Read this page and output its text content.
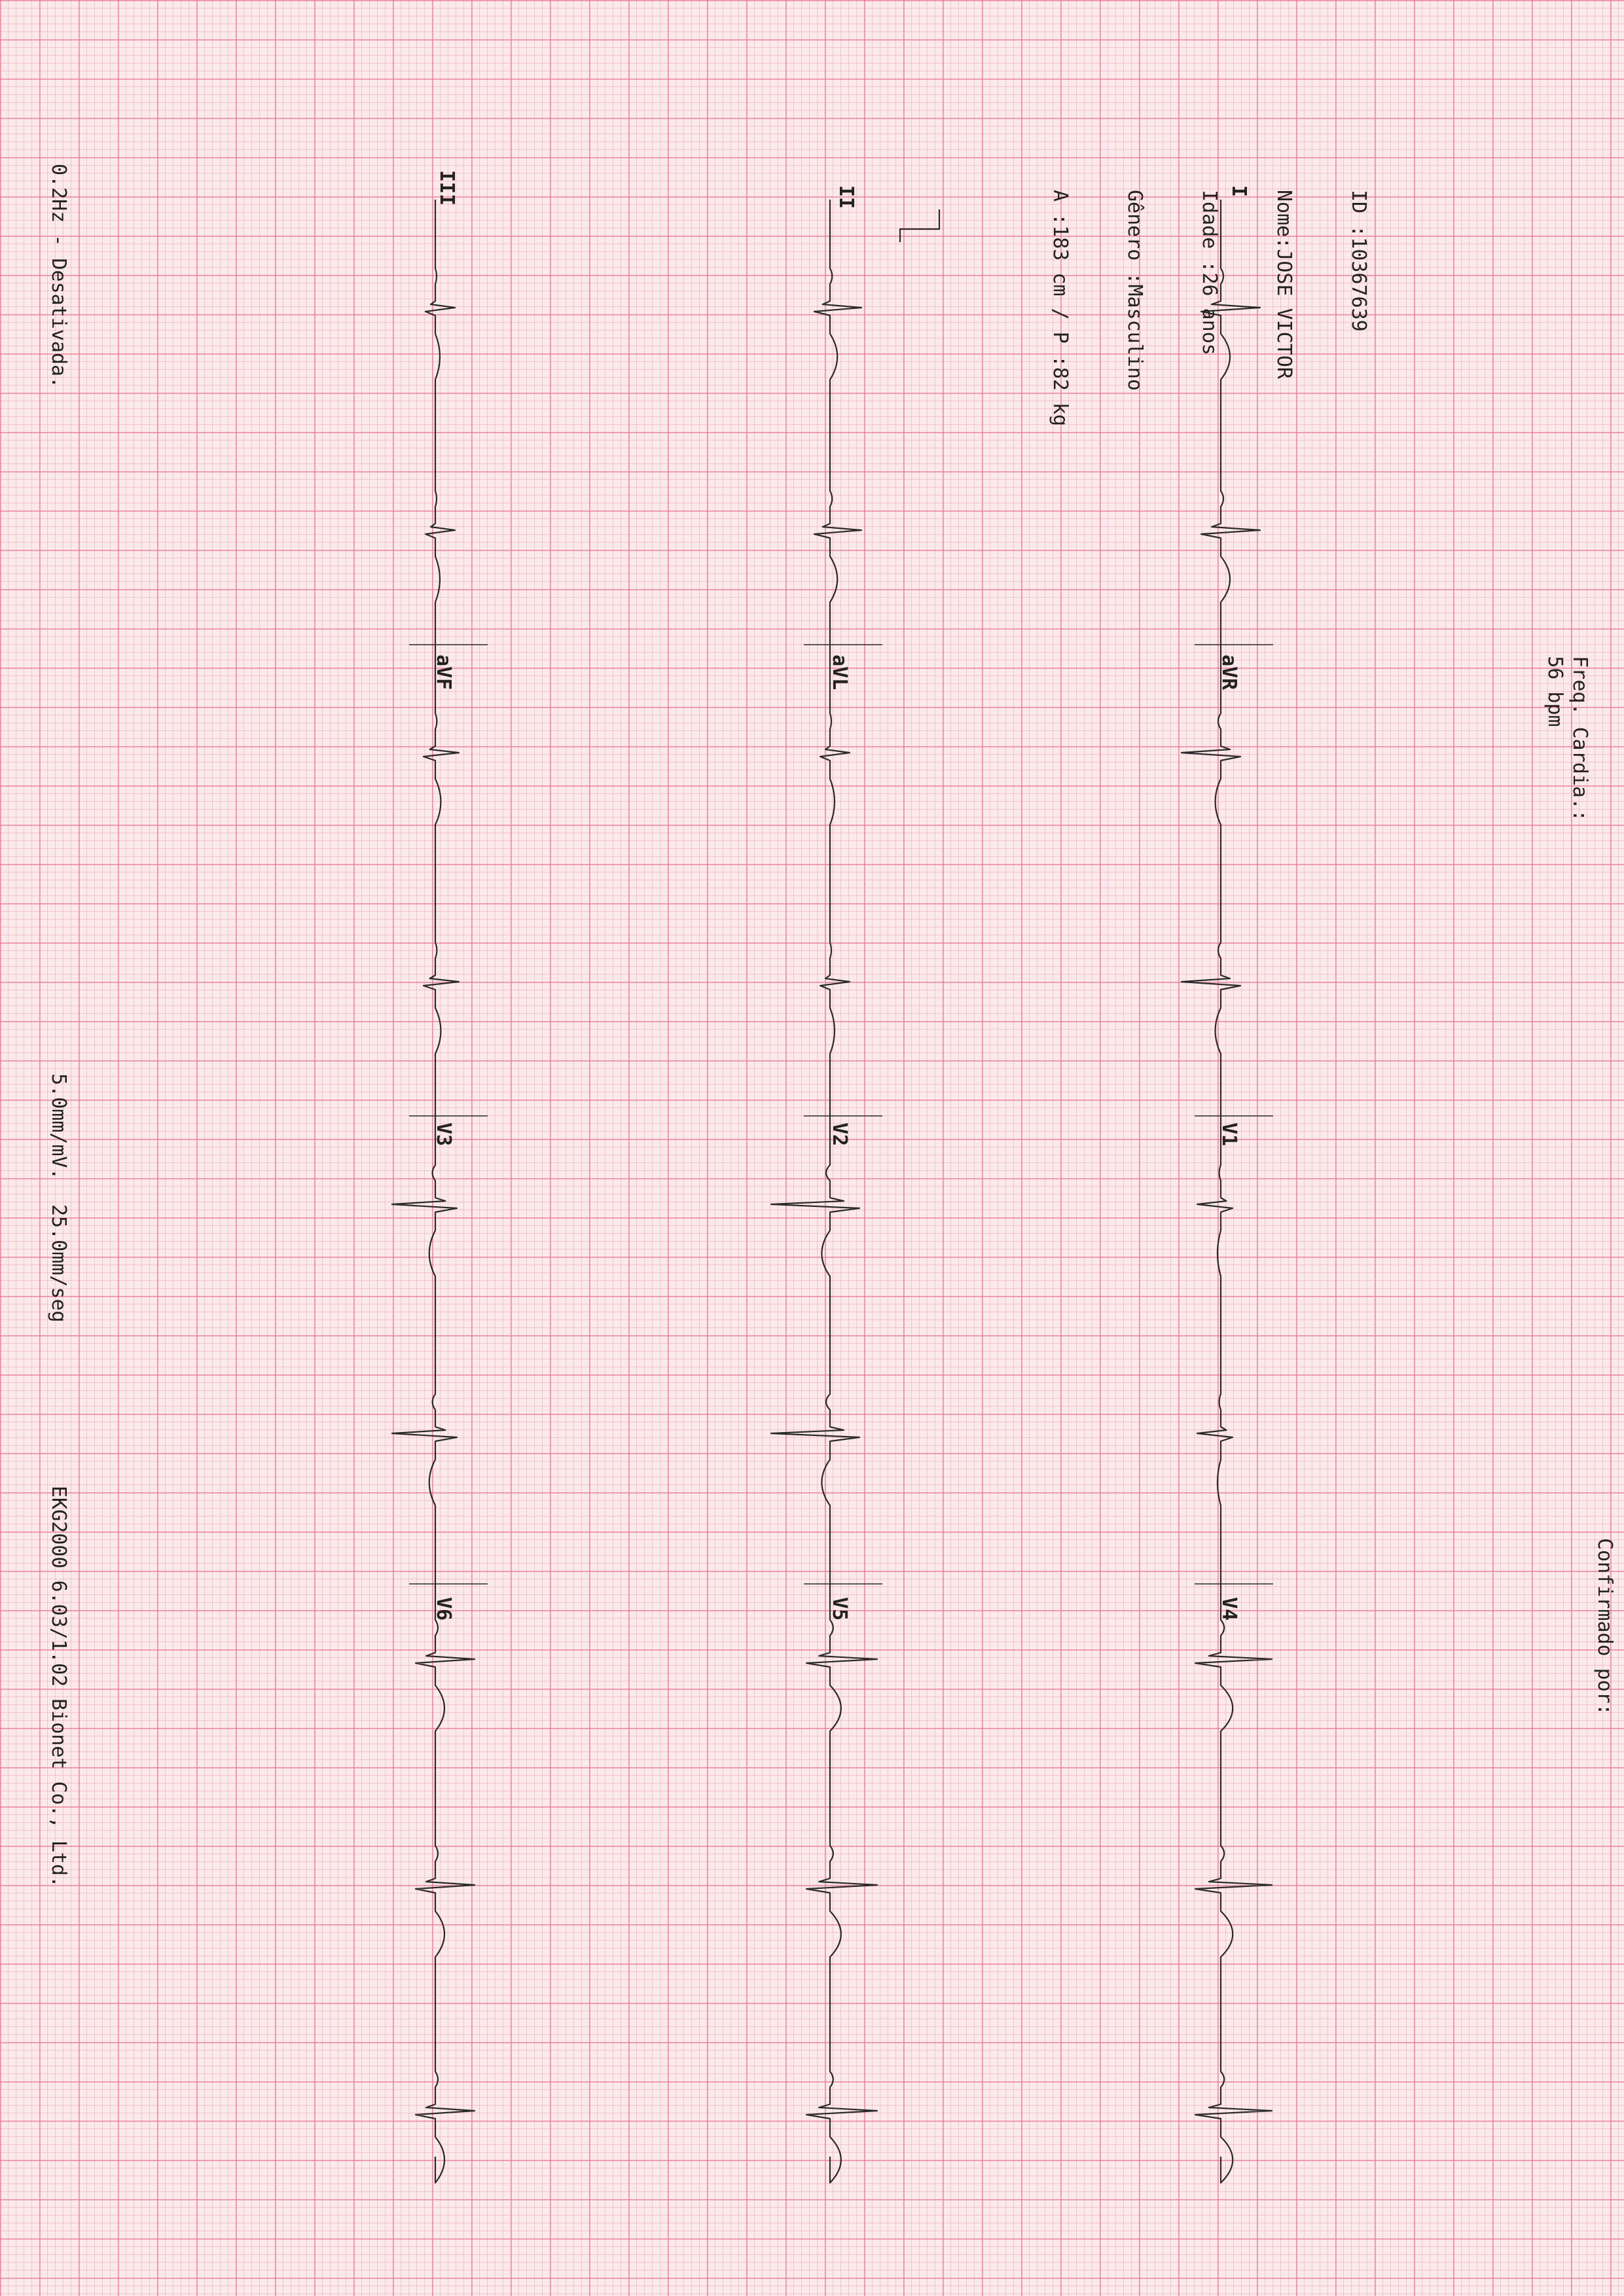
ID :10367639

Nome:JOSE VICTOR

Idade :26 anos

Gênero :Masculino

A :183 cm / P :82 kg

Freq. Cardia.:
56 bpm

Confirmado por:
0.2Hz - Desativada.
5.0mm/mV.
25.0mm/seg
EKG2000 6.03/1.02 Bionet Co., Ltd.
I
aVR
V1
V4
II
aVL
V2
V5
III
aVF
V3
V6
